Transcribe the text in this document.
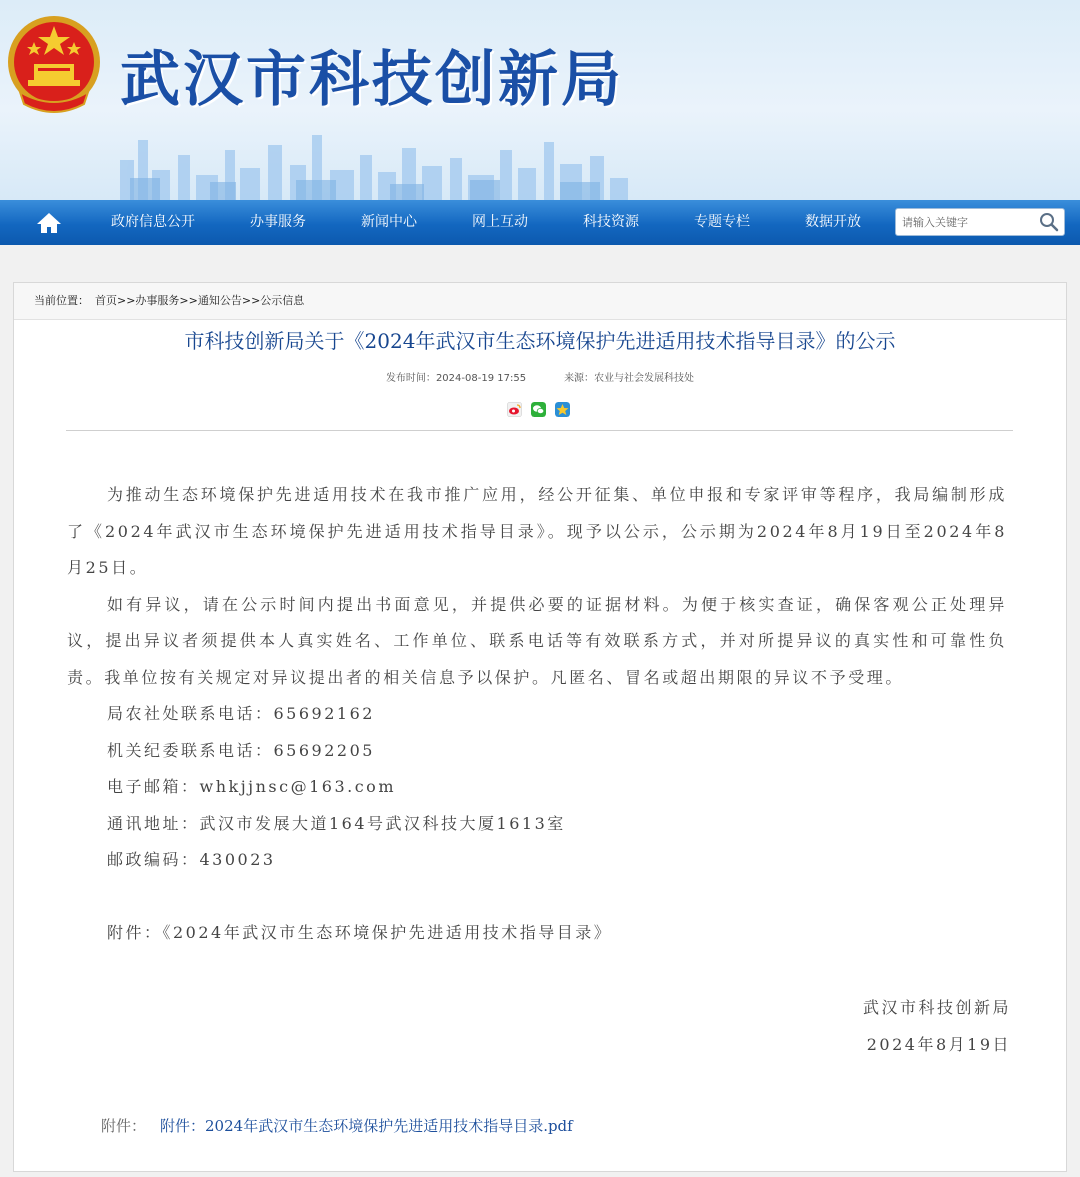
武汉市科技创新局
政府信息公开	办事服务	新闻中心	网上互动	科技资源	专题专栏	数据开放
请输入关键字
当前位置： 首页>>办事服务>>通知公告>>公示信息
市科技创新局关于《2024年武汉市生态环境保护先进适用技术指导目录》的公示
发布时间：2024-08-19 17:55	来源：农业与社会发展科技处

为推动生态环境保护先进适用技术在我市推广应用，经公开征集、单位申报和专家评审等程序，我局编制形成了《2024年武汉市生态环境保护先进适用技术指导目录》。现予以公示，公示期为2024年8月19日至2024年8月25日。

如有异议，请在公示时间内提出书面意见，并提供必要的证据材料。为便于核实查证，确保客观公正处理异议，提出异议者须提供本人真实姓名、工作单位、联系电话等有效联系方式，并对所提异议的真实性和可靠性负责。我单位按有关规定对异议提出者的相关信息予以保护。凡匿名、冒名或超出期限的异议不予受理。

局农社处联系电话：65692162

机关纪委联系电话：65692205

电子邮箱：whkjjnsc@163.com

通讯地址：武汉市发展大道164号武汉科技大厦1613室

邮政编码：430023

附件：《2024年武汉市生态环境保护先进适用技术指导目录》

武汉市科技创新局
2024年8月19日
附件： 附件：2024年武汉市生态环境保护先进适用技术指导目录.pdf
